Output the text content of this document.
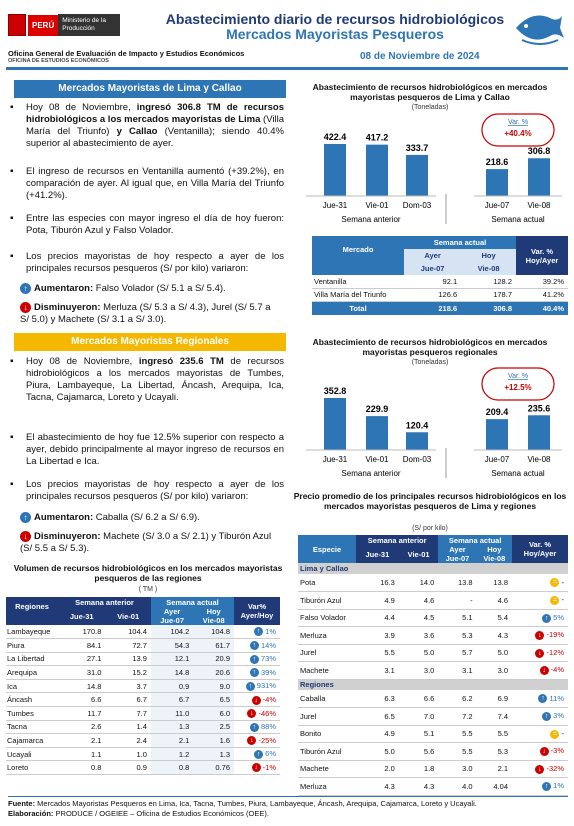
PERÚ	Ministerio de la Producción
Abastecimiento diario de recursos hidrobiológicos
Mercados Mayoristas Pesqueros
Oficina General de Evaluación de Impacto y Estudios Económicos
OFICINA DE ESTUDIOS ECONÓMICOS	08 de Noviembre de 2024
Mercados Mayoristas de Lima y Callao
▪ Hoy 08 de Noviembre, ingresó 306.8 TM de recursos hidrobiológicos a los mercados mayoristas de Lima (Villa María del Triunfo) y Callao (Ventanilla); siendo 40.4% superior al abastecimiento de ayer.
▪ El ingreso de recursos en Ventanilla aumentó (+39.2%), en comparación de ayer. Al igual que, en Villa María del Triunfo (+41.2%).
▪ Entre las especies con mayor ingreso el día de hoy fueron: Pota, Tiburón Azul y Falso Volador.
▪ Los precios mayoristas de hoy respecto a ayer de los principales recursos pesqueros (S/ por kilo) variaron:
↑ Aumentaron: Falso Volador (S/ 5.1 a S/ 5.4).
↓ Disminuyeron: Merluza (S/ 5.3 a S/ 4.3), Jurel (S/ 5.7 a S/ 5.0) y Machete (S/ 3.1 a S/ 3.0).
Mercados Mayoristas Regionales
▪ Hoy 08 de Noviembre, ingresó 235.6 TM de recursos hidrobiológicos a los mercados mayoristas de Tumbes, Piura, Lambayeque, La Libertad, Áncash, Arequipa, Ica, Tacna, Cajamarca, Loreto y Ucayali.
▪ El abastecimiento de hoy fue 12.5% superior con respecto a ayer, debido principalmente al mayor ingreso de recursos en La Libertad e Ica.
▪ Los precios mayoristas de hoy respecto a ayer de los principales recursos pesqueros (S/ por kilo) variaron:
↑ Aumentaron: Caballa (S/ 6.2 a S/ 6.9).
↓ Disminuyeron: Machete (S/ 3.0 a S/ 2.1) y Tiburón Azul (S/ 5.5 a S/ 5.3).
Volumen de recursos hidrobiológicos en los mercados mayoristas pesqueros de las regiones
( TM )
Regiones	Semana anterior		Semana actual		Var% Ayer/Hoy
	Jue-31	Vie-01	Ayer	Hoy	
			Jue-07	Vie-08	
Lambayeque	170.8	104.4	104.2	104.8	↑ 1%
Piura	84.1	72.7	54.3	61.7	↑ 14%
La Libertad	27.1	13.9	12.1	20.9	↑ 73%
Arequipa	31.0	15.2	14.8	20.6	↑ 39%
Ica	14.8	3.7	0.9	9.0	↑ 931%
Áncash	6.6	6.7	6.7	6.5	↓ -4%
Tumbes	11.7	7.7	11.0	6.0	↓ -46%
Tacna	2.6	1.4	1.3	2.5	↑ 88%
Cajamarca	2.1	2.4	2.1	1.6	↓ -25%
Ucayali	1.1	1.0	1.2	1.3	↑ 6%
Loreto	0.8	0.9	0.8	0.76	↓ -1%
Abastecimiento de recursos hidrobiológicos en mercados mayoristas pesqueros de Lima y Callao
(Toneladas)
Var. %
+40.4%
422.4
Jue-31
417.2
Vie-01
333.7
Dom-03
218.6
Jue-07
306.8
Vie-08
Semana anterior	Semana actual
Mercado	Semana actual		Var. % Hoy/Ayer
	Ayer	Hoy	
	Jue-07	Vie-08	
Ventanilla	92.1	128.2	39.2%
Villa María del Triunfo	126.6	178.7	41.2%
Total	218.6	306.8	40.4%
Abastecimiento de recursos hidrobiológicos en mercados mayoristas pesqueros regionales
(Toneladas)
Var. %
+12.5%
352.8
Jue-31
229.9
Vie-01
120.4
Dom-03
209.4
Jue-07
235.6
Vie-08
Semana anterior	Semana actual
Precio promedio de los principales recursos hidrobiológicos en los mercados mayoristas pesqueros de Lima y regiones
(S/ por kilo)
Especie	Semana anterior		Semana actual		Var. % Hoy/Ayer
	Jue-31	Vie-01	Ayer	Hoy	
			Jue-07	Vie-08	
Lima y Callao					
Pota	16.3	14.0	13.8	13.8	= -
Tiburón Azul	4.9	4.6	-	4.6	= -
Falso Volador	4.4	4.5	5.1	5.4	↑ 5%
Merluza	3.9	3.6	5.3	4.3	↓ -19%
Jurel	5.5	5.0	5.7	5.0	↓ -12%
Machete	3.1	3.0	3.1	3.0	↓ -4%
Regiones					
Caballa	6.3	6.6	6.2	6.9	↑ 11%
Jurel	6.5	7.0	7.2	7.4	↑ 3%
Bonito	4.9	5.1	5.5	5.5	= -
Tiburón Azul	5.0	5.6	5.5	5.3	↓ -3%
Machete	2.0	1.8	3.0	2.1	↓ -32%
Merluza	4.3	4.3	4.0	4.04	↑ 1%
Fuente: Mercados Mayoristas Pesqueros en Lima, Ica, Tacna, Tumbes, Piura, Lambayeque, Áncash, Arequipa, Cajamarca, Loreto y Ucayali.
Elaboración: PRODUCE / OGEIEE – Oficina de Estudios Económicos (OEE).
